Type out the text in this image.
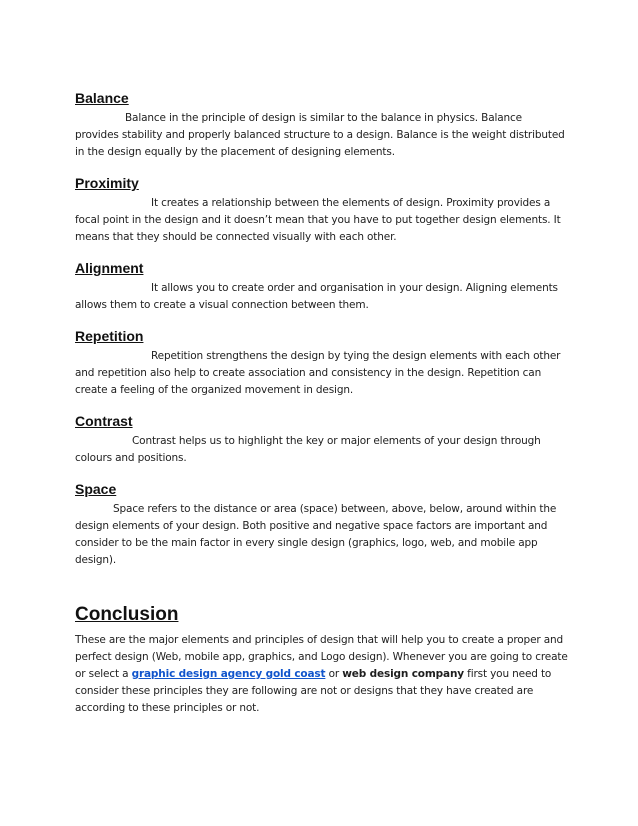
Balance

Balance in the principle of design is similar to the balance in physics. Balance provides stability and properly balanced structure to a design. Balance is the weight distributed in the design equally by the placement of designing elements.

Proximity

It creates a relationship between the elements of design. Proximity provides a focal point in the design and it doesn’t mean that you have to put together design elements. It means that they should be connected visually with each other.

Alignment

It allows you to create order and organisation in your design. Aligning elements allows them to create a visual connection between them.

Repetition

Repetition strengthens the design by tying the design elements with each other and repetition also help to create association and consistency in the design. Repetition can create a feeling of the organized movement in design.

Contrast

Contrast helps us to highlight the key or major elements of your design through colours and positions.

Space

Space refers to the distance or area (space) between, above, below, around within the design elements of your design. Both positive and negative space factors are important and consider to be the main factor in every single design (graphics, logo, web, and mobile app design).

Conclusion

These are the major elements and principles of design that will help you to create a proper and perfect design (Web, mobile app, graphics, and Logo design). Whenever you are going to create or select a graphic design agency gold coast or web design company first you need to consider these principles they are following are not or designs that they have created are according to these principles or not.
